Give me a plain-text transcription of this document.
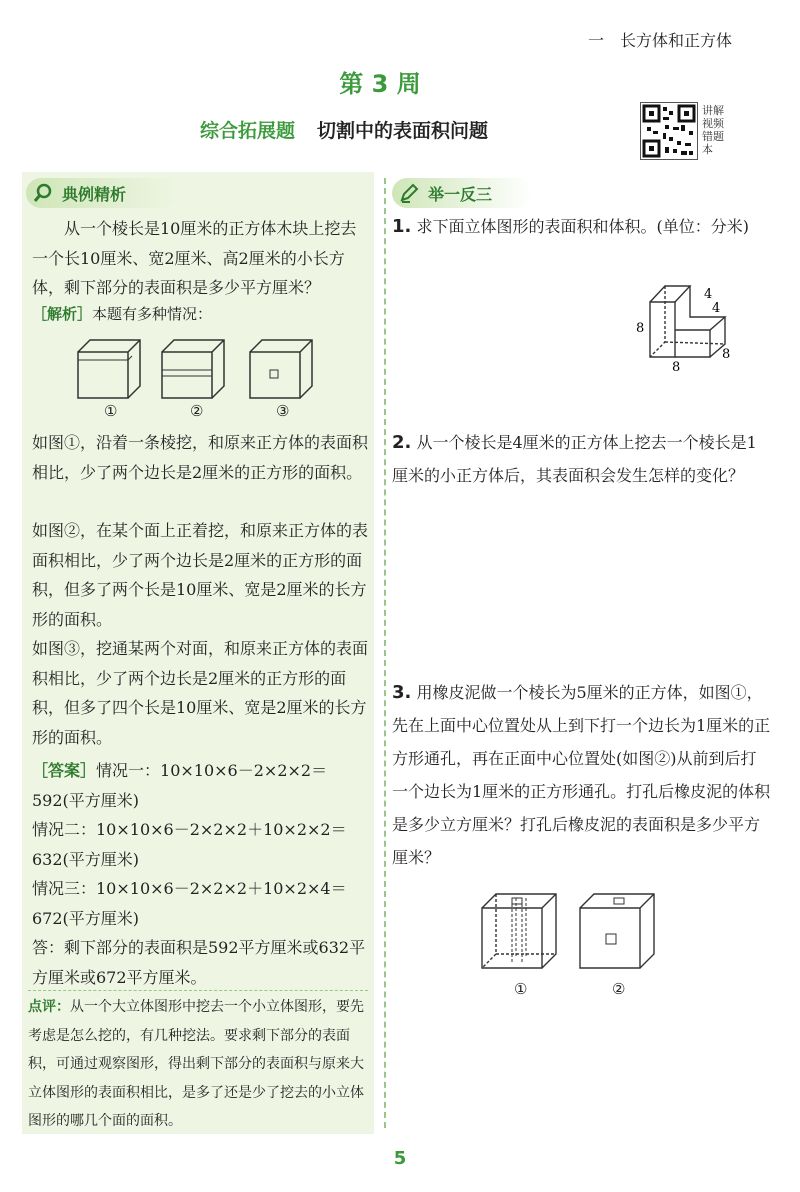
一　长方体和正方体
第 3 周
综合拓展题 切割中的表面积问题
讲解视频错题本
典例精析
从一个棱长是10厘米的正方体木块上挖去一个长10厘米、宽2厘米、高2厘米的小长方体，剩下部分的表面积是多少平方厘米？
［解析］本题有多种情况：
①	②	③
如图①，沿着一条棱挖，和原来正方体的表面积相比，少了两个边长是2厘米的正方形的面积。
如图②，在某个面上正着挖，和原来正方体的表面积相比，少了两个边长是2厘米的正方形的面积，但多了两个长是10厘米、宽是2厘米的长方形的面积。
如图③，挖通某两个对面，和原来正方体的表面积相比，少了两个边长是2厘米的正方形的面积，但多了四个长是10厘米、宽是2厘米的长方形的面积。
［答案］情况一：10×10×6－2×2×2＝592(平方厘米)
情况二：10×10×6－2×2×2＋10×2×2＝632(平方厘米)
情况三：10×10×6－2×2×2＋10×2×4＝672(平方厘米)
答：剩下部分的表面积是592平方厘米或632平方厘米或672平方厘米。
点评：从一个大立体图形中挖去一个小立体图形，要先考虑是怎么挖的，有几种挖法。要求剩下部分的表面积，可通过观察图形，得出剩下部分的表面积与原来大立体图形的表面积相比，是多了还是少了挖去的小立体图形的哪几个面的面积。
举一反三
1. 求下面立体图形的表面积和体积。(单位：分米)
4
4
8
8
8
2. 从一个棱长是4厘米的正方体上挖去一个棱长是1厘米的小正方体后，其表面积会发生怎样的变化？
3. 用橡皮泥做一个棱长为5厘米的正方体，如图①，先在上面中心位置处从上到下打一个边长为1厘米的正方形通孔，再在正面中心位置处(如图②)从前到后打一个边长为1厘米的正方形通孔。打孔后橡皮泥的体积是多少立方厘米？打孔后橡皮泥的表面积是多少平方厘米？
①	②
5
